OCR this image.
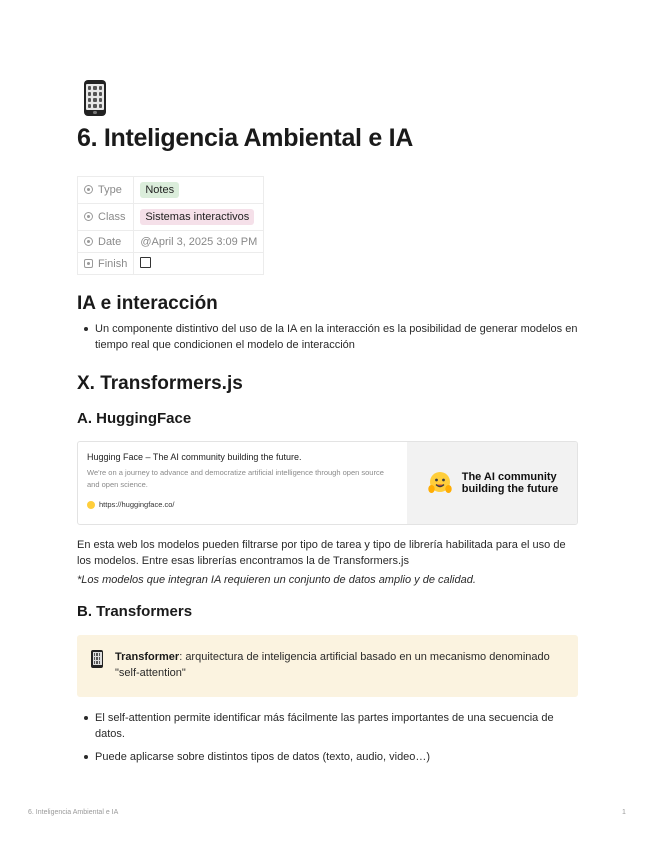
6. Inteligencia Ambiental e IA
Type	Notes
Class	Sistemas interactivos
Date	@April 3, 2025 3:09 PM
Finish	
IA e interacción
Un componente distintivo del uso de la IA en la interacción es la posibilidad de generar modelos en tiempo real que condicionen el modelo de interacción
X. Transformers.js
A. HuggingFace
Hugging Face – The AI community building the future.
We're on a journey to advance and democratize artificial intelligence through open source and open science.
https://huggingface.co/
The AI community
building the future
En esta web los modelos pueden filtrarse por tipo de tarea y tipo de librería habilitada para el uso de los modelos. Entre esas librerías encontramos la de Transformers.js
*Los modelos que integran IA requieren un conjunto de datos amplio y de calidad.
B. Transformers
Transformer: arquitectura de inteligencia artificial basado en un mecanismo denominado "self-attention"
El self-attention permite identificar más fácilmente las partes importantes de una secuencia de datos.
Puede aplicarse sobre distintos tipos de datos (texto, audio, video…)
6. Inteligencia Ambiental e IA	1
